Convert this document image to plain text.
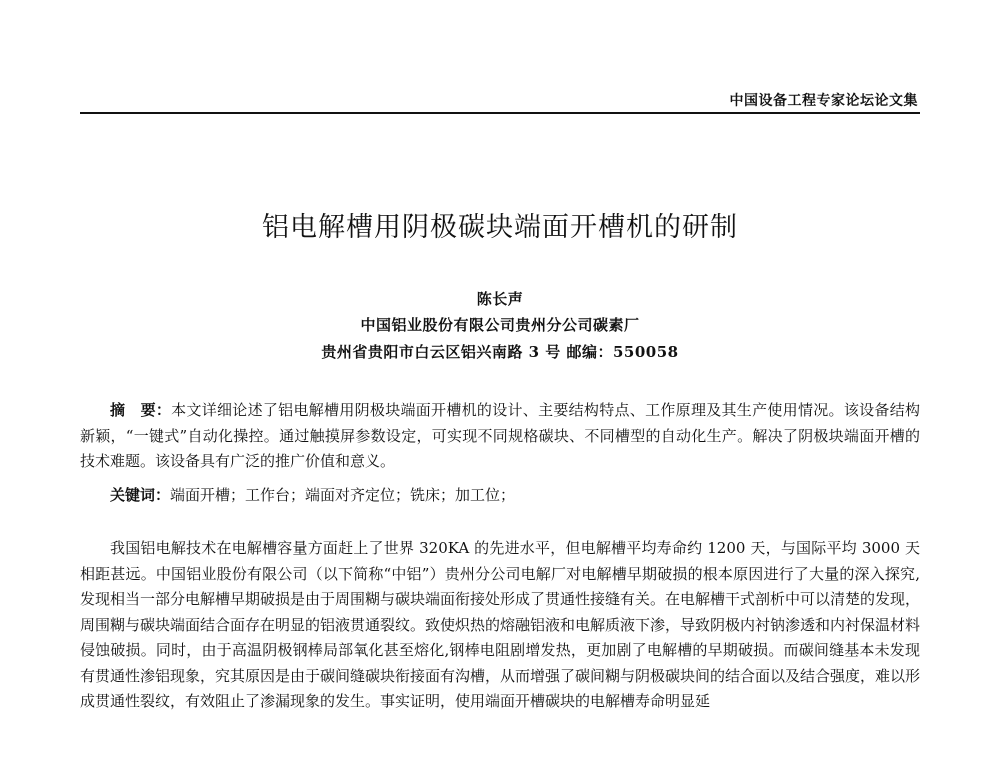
中国设备工程专家论坛论文集
铝电解槽用阴极碳块端面开槽机的研制
陈长声
中国铝业股份有限公司贵州分公司碳素厂
贵州省贵阳市白云区铝兴南路 3 号 邮编：550058
摘　要：本文详细论述了铝电解槽用阴极块端面开槽机的设计、主要结构特点、工作原理及其生产使用情况。该设备结构新颖，“一键式”自动化操控。通过触摸屏参数设定，可实现不同规格碳块、不同槽型的自动化生产。解决了阴极块端面开槽的技术难题。该设备具有广泛的推广价值和意义。
关键词：端面开槽；工作台；端面对齐定位；铣床；加工位；

我国铝电解技术在电解槽容量方面赶上了世界 320KA 的先进水平，但电解槽平均寿命约 1200 天，与国际平均 3000 天相距甚远。中国铝业股份有限公司（以下简称“中铝”）贵州分公司电解厂对电解槽早期破损的根本原因进行了大量的深入探究,发现相当一部分电解槽早期破损是由于周围糊与碳块端面衔接处形成了贯通性接缝有关。在电解槽干式剖析中可以清楚的发现，周围糊与碳块端面结合面存在明显的铝液贯通裂纹。致使炽热的熔融铝液和电解质液下渗，导致阴极内衬钠渗透和内衬保温材料侵蚀破损。同时，由于高温阴极钢棒局部氧化甚至熔化,钢棒电阻剧增发热，更加剧了电解槽的早期破损。而碳间缝基本未发现有贯通性渗铝现象，究其原因是由于碳间缝碳块衔接面有沟槽，从而增强了碳间糊与阴极碳块间的结合面以及结合强度，难以形成贯通性裂纹，有效阻止了渗漏现象的发生。事实证明，使用端面开槽碳块的电解槽寿命明显延
